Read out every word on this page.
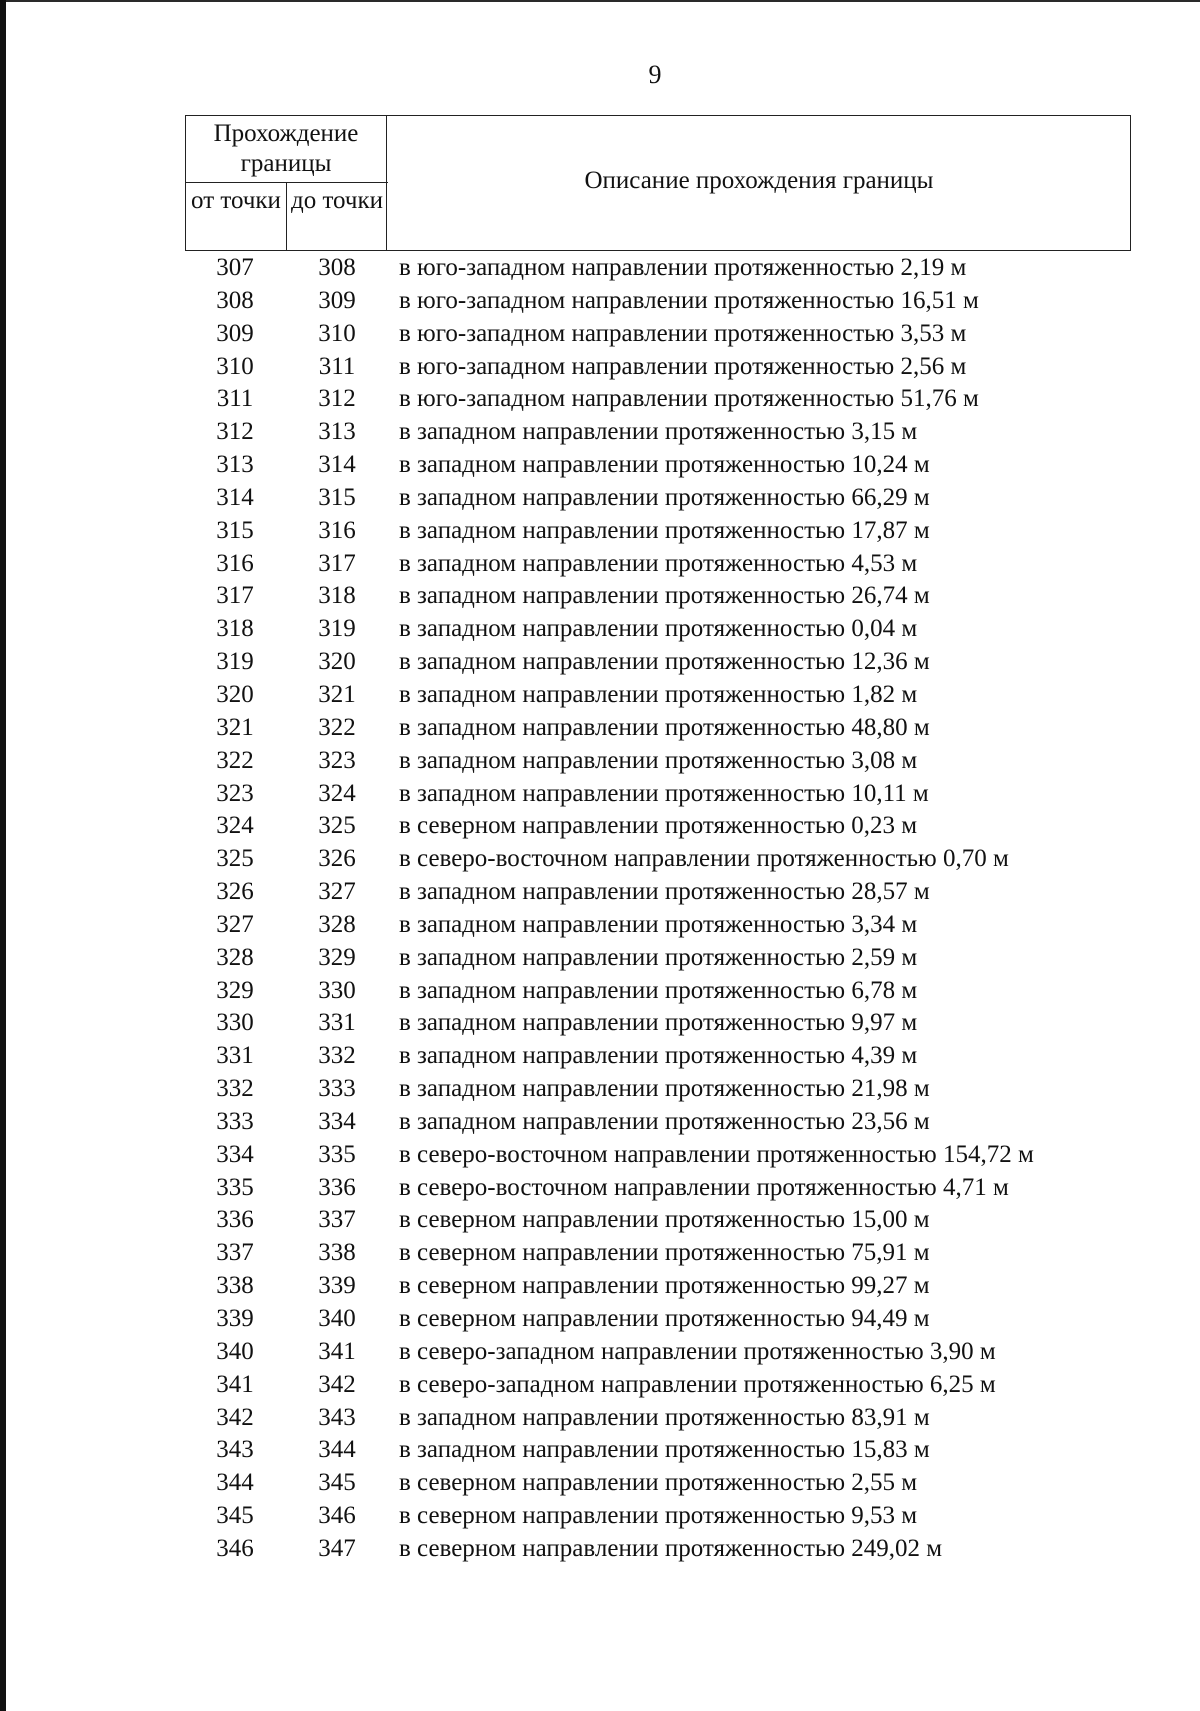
9
Прохождение границы
от точки до точки
Описание прохождения границы
307	308	в юго-западном направлении протяженностью 2,19 м
308	309	в юго-западном направлении протяженностью 16,51 м
309	310	в юго-западном направлении протяженностью 3,53 м
310	311	в юго-западном направлении протяженностью 2,56 м
311	312	в юго-западном направлении протяженностью 51,76 м
312	313	в западном направлении протяженностью 3,15 м
313	314	в западном направлении протяженностью 10,24 м
314	315	в западном направлении протяженностью 66,29 м
315	316	в западном направлении протяженностью 17,87 м
316	317	в западном направлении протяженностью 4,53 м
317	318	в западном направлении протяженностью 26,74 м
318	319	в западном направлении протяженностью 0,04 м
319	320	в западном направлении протяженностью 12,36 м
320	321	в западном направлении протяженностью 1,82 м
321	322	в западном направлении протяженностью 48,80 м
322	323	в западном направлении протяженностью 3,08 м
323	324	в западном направлении протяженностью 10,11 м
324	325	в северном направлении протяженностью 0,23 м
325	326	в северо-восточном направлении протяженностью 0,70 м
326	327	в западном направлении протяженностью 28,57 м
327	328	в западном направлении протяженностью 3,34 м
328	329	в западном направлении протяженностью 2,59 м
329	330	в западном направлении протяженностью 6,78 м
330	331	в западном направлении протяженностью 9,97 м
331	332	в западном направлении протяженностью 4,39 м
332	333	в западном направлении протяженностью 21,98 м
333	334	в западном направлении протяженностью 23,56 м
334	335	в северо-восточном направлении протяженностью 154,72 м
335	336	в северо-восточном направлении протяженностью 4,71 м
336	337	в северном направлении протяженностью 15,00 м
337	338	в северном направлении протяженностью 75,91 м
338	339	в северном направлении протяженностью 99,27 м
339	340	в северном направлении протяженностью 94,49 м
340	341	в северо-западном направлении протяженностью 3,90 м
341	342	в северо-западном направлении протяженностью 6,25 м
342	343	в западном направлении протяженностью 83,91 м
343	344	в западном направлении протяженностью 15,83 м
344	345	в северном направлении протяженностью 2,55 м
345	346	в северном направлении протяженностью 9,53 м
346	347	в северном направлении протяженностью 249,02 м
